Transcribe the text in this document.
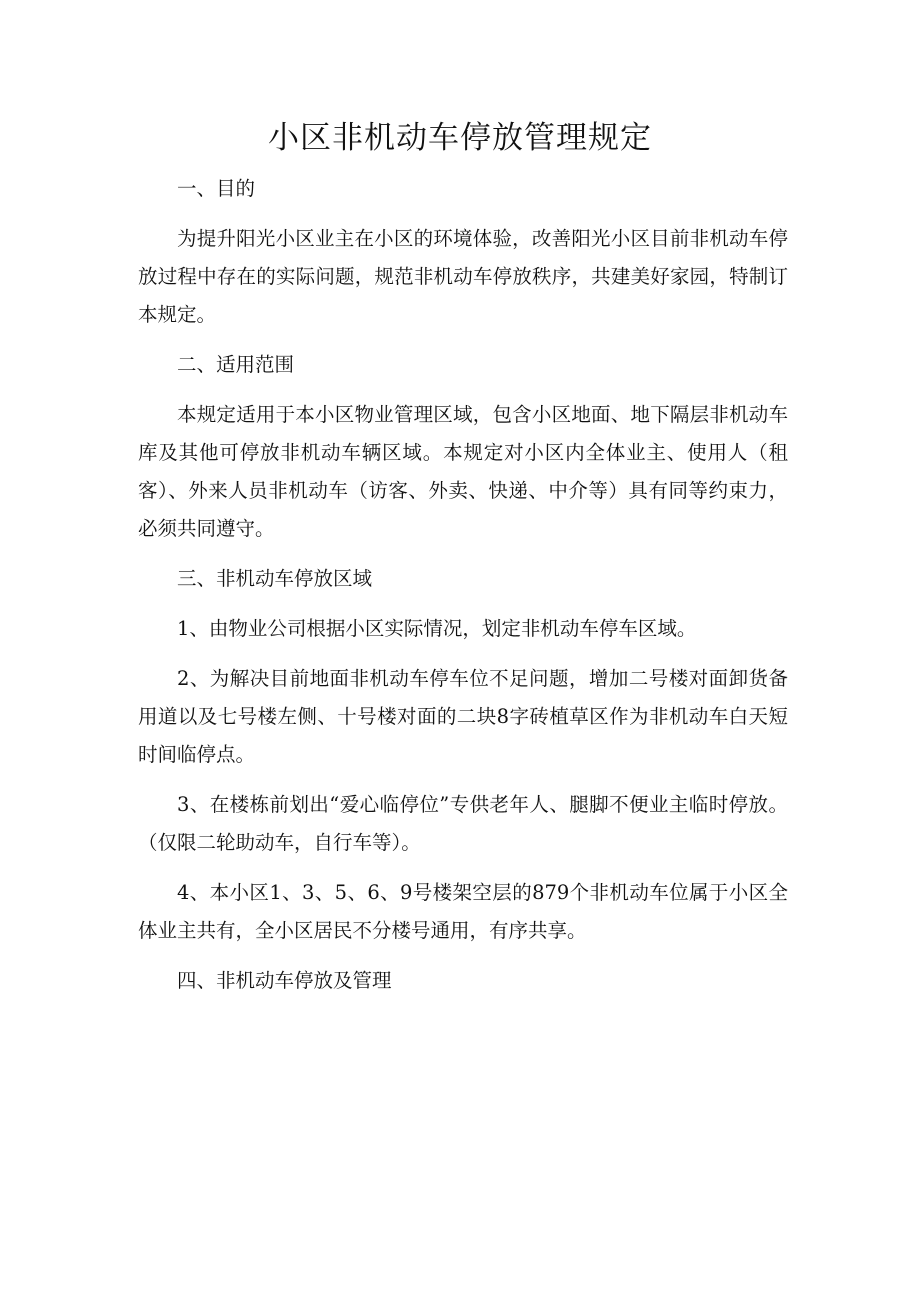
小区非机动车停放管理规定

一、目的

为提升阳光小区业主在小区的环境体验，改善阳光小区目前非机动车停放过程中存在的实际问题，规范非机动车停放秩序，共建美好家园，特制订本规定。

二、适用范围

本规定适用于本小区物业管理区域，包含小区地面、地下隔层非机动车库及其他可停放非机动车辆区域。本规定对小区内全体业主、使用人（租客）、外来人员非机动车（访客、外卖、快递、中介等）具有同等约束力，必须共同遵守。

三、非机动车停放区域

1、由物业公司根据小区实际情况，划定非机动车停车区域。

2、为解决目前地面非机动车停车位不足问题，增加二号楼对面卸货备用道以及七号楼左侧、十号楼对面的二块8字砖植草区作为非机动车白天短时间临停点。

3、在楼栋前划出“爱心临停位”专供老年人、腿脚不便业主临时停放。（仅限二轮助动车，自行车等）。

4、本小区1、3、5、6、9号楼架空层的879个非机动车位属于小区全体业主共有，全小区居民不分楼号通用，有序共享。

四、非机动车停放及管理
